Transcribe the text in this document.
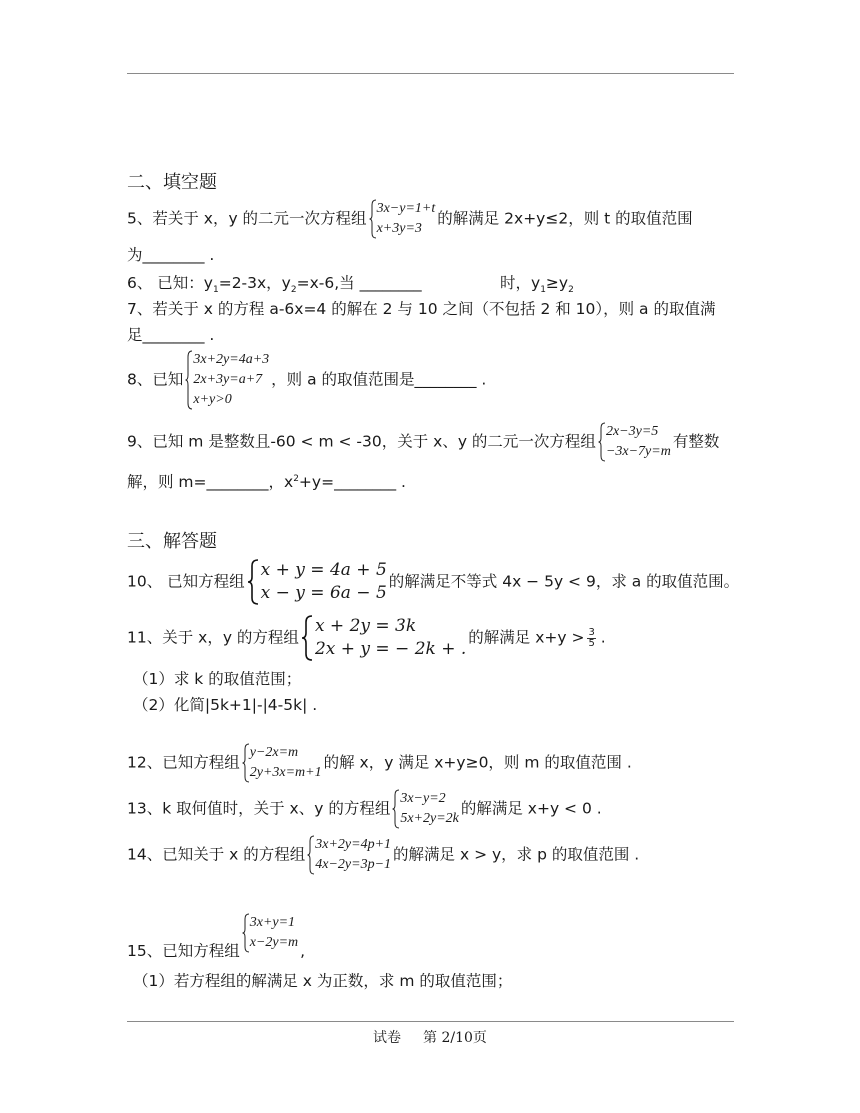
二、填空题
5、若关于 x，y 的二元一次方程组
3x−y=1+t
x+3y=3
的解满足 2x+y≤2，则 t 的取值范围
为________ .
6、 已知：$y_1=2-3x$，$y_2=x-6$,当 ________	时，$y_1\ge y_2$
7、若关于 x 的方程 a-6x=4 的解在 2 与 10 之间（不包括 2 和 10），则 a 的取值满
足________ .
8、已知
3x+2y=4a+3
2x+3y=a+7
x+y>0
，则 a 的取值范围是________ .
9、已知 m 是整数且-60 < m < -30，关于 x、y 的二元一次方程组
2x−3y=5
−3x−7y=m
有整数
解，则 m=________，$x^2+y=\_\_\_\_\_\_\_\_$ .
三、解答题
10、 已知方程组
x + y = 4a + 5
x − y = 6a − 5
的解满足不等式 4x − 5y < 9，求 a 的取值范围。
11、关于 x，y 的方程组
x + 2y = 3k
2x + y = − 2k + .
的解满足 $x+y > \frac{3}{5}$ .
（1）求 k 的取值范围；
（2）化简|5k+1|-|4-5k| .
12、已知方程组
y−2x=m
2y+3x=m+1
的解 x，y 满足 x+y≥0，则 m 的取值范围 .
13、k 取何值时，关于 x、y 的方程组
3x−y=2
5x+2y=2k
的解满足 x+y < 0 .
14、已知关于 x 的方程组
3x+2y=4p+1
4x−2y=3p−1
的解满足 x > y，求 p 的取值范围 .
15、已知方程组
3x+y=1
x−2y=m ,
（1）若方程组的解满足 x 为正数，求 m 的取值范围；
试卷 第 2/10页
